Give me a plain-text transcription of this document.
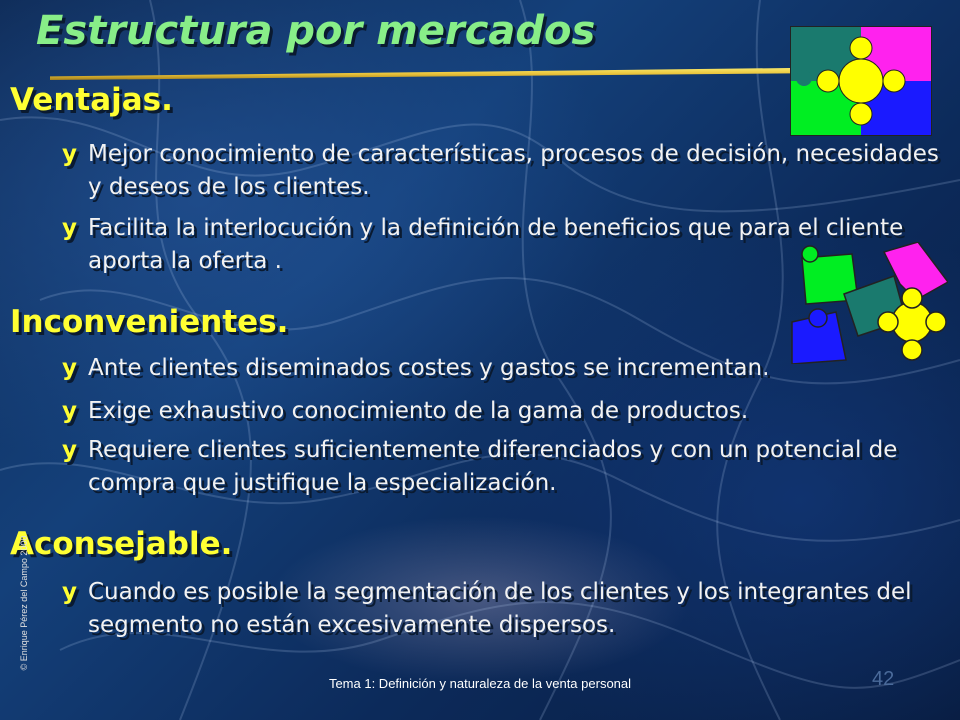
Estructura por mercados
Ventajas.
y Mejor conocimiento de características, procesos de decisión, necesidades y deseos de los clientes.
y Facilita la interlocución y la definición de beneficios que para el cliente aporta la oferta .
Inconvenientes.
y Ante clientes diseminados costes y gastos se incrementan.
y Exige exhaustivo conocimiento de la gama de productos.
y Requiere clientes suficientemente diferenciados y con un potencial de compra que justifique la especialización.
Aconsejable.
y Cuando es posible la segmentación de los clientes y los integrantes del segmento no están excesivamente dispersos.
© Enrique Pérez del Campo 2000
Tema 1: Definición y naturaleza de la venta personal	42
